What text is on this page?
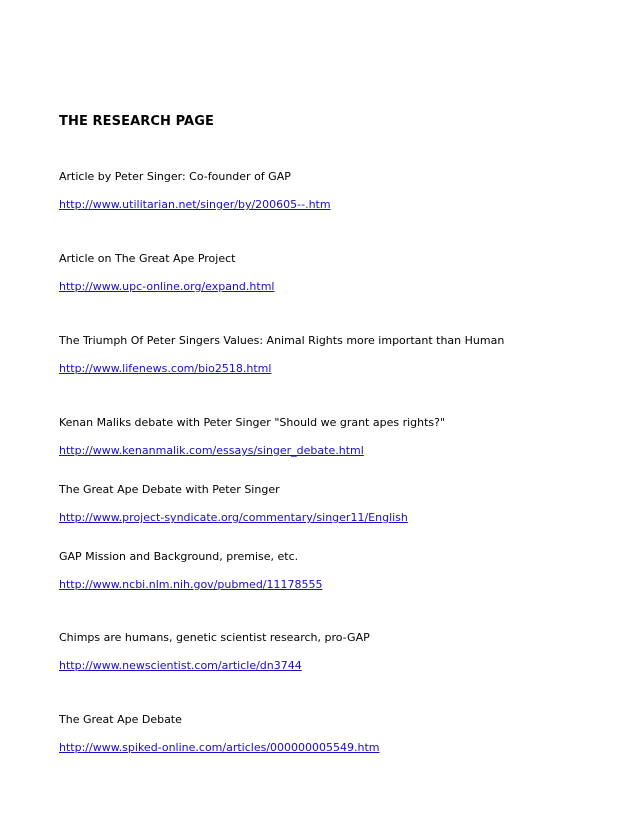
THE RESEARCH PAGE
Article by Peter Singer: Co-founder of GAP
http://www.utilitarian.net/singer/by/200605--.htm
Article on The Great Ape Project
http://www.upc-online.org/expand.html
The Triumph Of Peter Singers Values: Animal Rights more important than Human
http://www.lifenews.com/bio2518.html
Kenan Maliks debate with Peter Singer "Should we grant apes rights?"
http://www.kenanmalik.com/essays/singer_debate.html
The Great Ape Debate with Peter Singer
http://www.project-syndicate.org/commentary/singer11/English
GAP Mission and Background, premise, etc.
http://www.ncbi.nlm.nih.gov/pubmed/11178555
Chimps are humans, genetic scientist research, pro-GAP
http://www.newscientist.com/article/dn3744
The Great Ape Debate
http://www.spiked-online.com/articles/000000005549.htm
